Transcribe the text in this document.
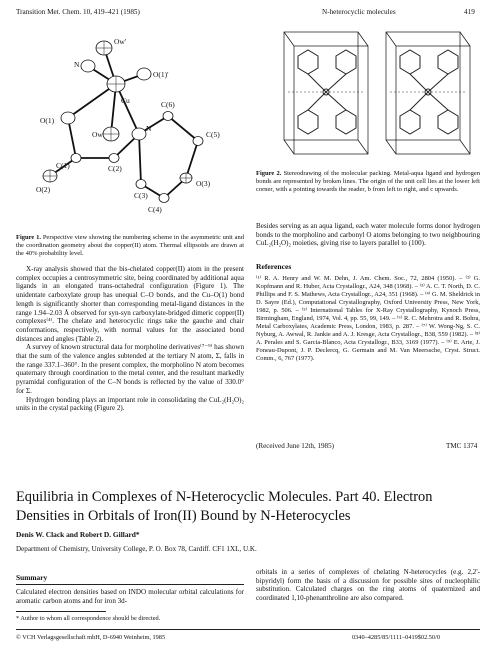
Transition Met. Chem. 10, 419–421 (1985)	N-heterocyclic molecules	419
N
Ow'
O(1)'
Cu	C(6)
O(1)
Ow
N
C(5)
C(1)	C(2)
O(2)
C(3)
C(4)
O(3)
Figure 1. Perspective view showing the numbering scheme in the asymmetric unit and the coordination geometry about the copper(II) atom. Thermal ellipsoids are drawn at the 40% probability level.

X-ray analysis showed that the bis-chelated copper(II) atom in the present complex occupies a centrosymmetric site, being coordinated by additional aqua ligands in an elongated trans-octahedral configuration (Figure 1). The unidentate carboxylate group has unequal C–O bonds, and the Cu–O(1) bond length is significantly shorter than corresponding metal-ligand distances in the range 1.94–2.03 Å observed for syn-syn carboxylate-bridged dimeric copper(II) complexes⁽⁴⁾. The chelate and heterocyclic rings take the gauche and chair conformations, respectively, with normal values for the associated bond distances and angles (Table 2).

A survey of known structural data for morpholine derivatives⁽⁷⁻⁹⁾ has shown that the sum of the valence angles subtended at the tertiary N atom, Σ, falls in the range 337.1–360°. In the present complex, the morpholino N atom becomes quaternary through coordination to the metal center, and the resultant markedly pyramidal configuration of the C–N bonds is reflected by the value of 330.0° for Σ.

Hydrogen bonding plays an important role in consolidating the CuL₂(H₂O)₂ units in the crystal packing (Figure 2).

Figure 2. Stereodrawing of the molecular packing. Metal-aqua ligand and hydrogen bonds are represented by broken lines. The origin of the unit cell lies at the lower left corner, with a pointing towards the reader, b from left to right, and c upwards.

Besides serving as an aqua ligand, each water molecule forms donor hydrogen bonds to the morpholino and carbonyl O atoms belonging to two neighbouring CuL₂(H₂O)₂ moieties, giving rise to layers parallel to (100).

References
⁽¹⁾ R. A. Henry and W. M. Dehn, J. Am. Chem. Soc., 72, 2804 (1950). – ⁽²⁾ G. Kopfmann and R. Huber, Acta Crystallogr., A24, 348 (1968). – ⁽³⁾ A. C. T. North, D. C. Phillips and F. S. Mathews, Acta Crystallogr., A24, 351 (1968). – ⁽⁴⁾ G. M. Sheldrick in D. Sayre (Ed.), Computational Crystallography, Oxford University Press, New York, 1982, p. 506. – ⁽⁵⁾ International Tables for X-Ray Crystallography, Kynoch Press, Birmingham, England, 1974, Vol. 4, pp. 55, 99, 149. – ⁽⁶⁾ R. C. Mehrotra and R. Bohra, Metal Carboxylates, Academic Press, London, 1983, p. 287. – ⁽⁷⁾ W. Wong-Ng, S. C. Nyburg, A. Awwal, R. Jankie and A. J. Kresge, Acta Crystallogr., B38, 559 (1982). – ⁽⁸⁾ A. Perales and S. Garcia-Blanco, Acta Crystallogr., B33, 3169 (1977). – ⁽⁹⁾ E. Arte, J. Foneau-Dupont, J. P. Declercq, G. Germain and M. Van Meerssche, Cryst. Struct. Comm., 6, 767 (1977).
(Received June 12th, 1985)	TMC 1374
Equilibria in Complexes of N-Heterocyclic Molecules. Part 40. Electron Densities in Orbitals of Iron(II) Bound by N-Heterocycles
Denis W. Clack and Robert D. Gillard*
Department of Chemistry, University College, P. O. Box 78, Cardiff. CF1 1XL, U.K.
Summary

Calculated electron densities based on INDO molecular orbital calculations for aromatic carbon atoms and for iron 3d-

orbitals in a series of complexes of chelating N-heterocycles (e.g. 2,2'-bipyridyl) form the basis of a discussion for possible sites of nucleophilic substitution. Calculated charges on the ring atoms of quaternized and coordinated 1,10-phenanthroline are also compared.

* Author to whom all correspondence should be directed.
© VCH Verlagsgesellschaft mbH, D-6940 Weinheim, 1985	0340–4285/85/1111–0419$02.50/0
